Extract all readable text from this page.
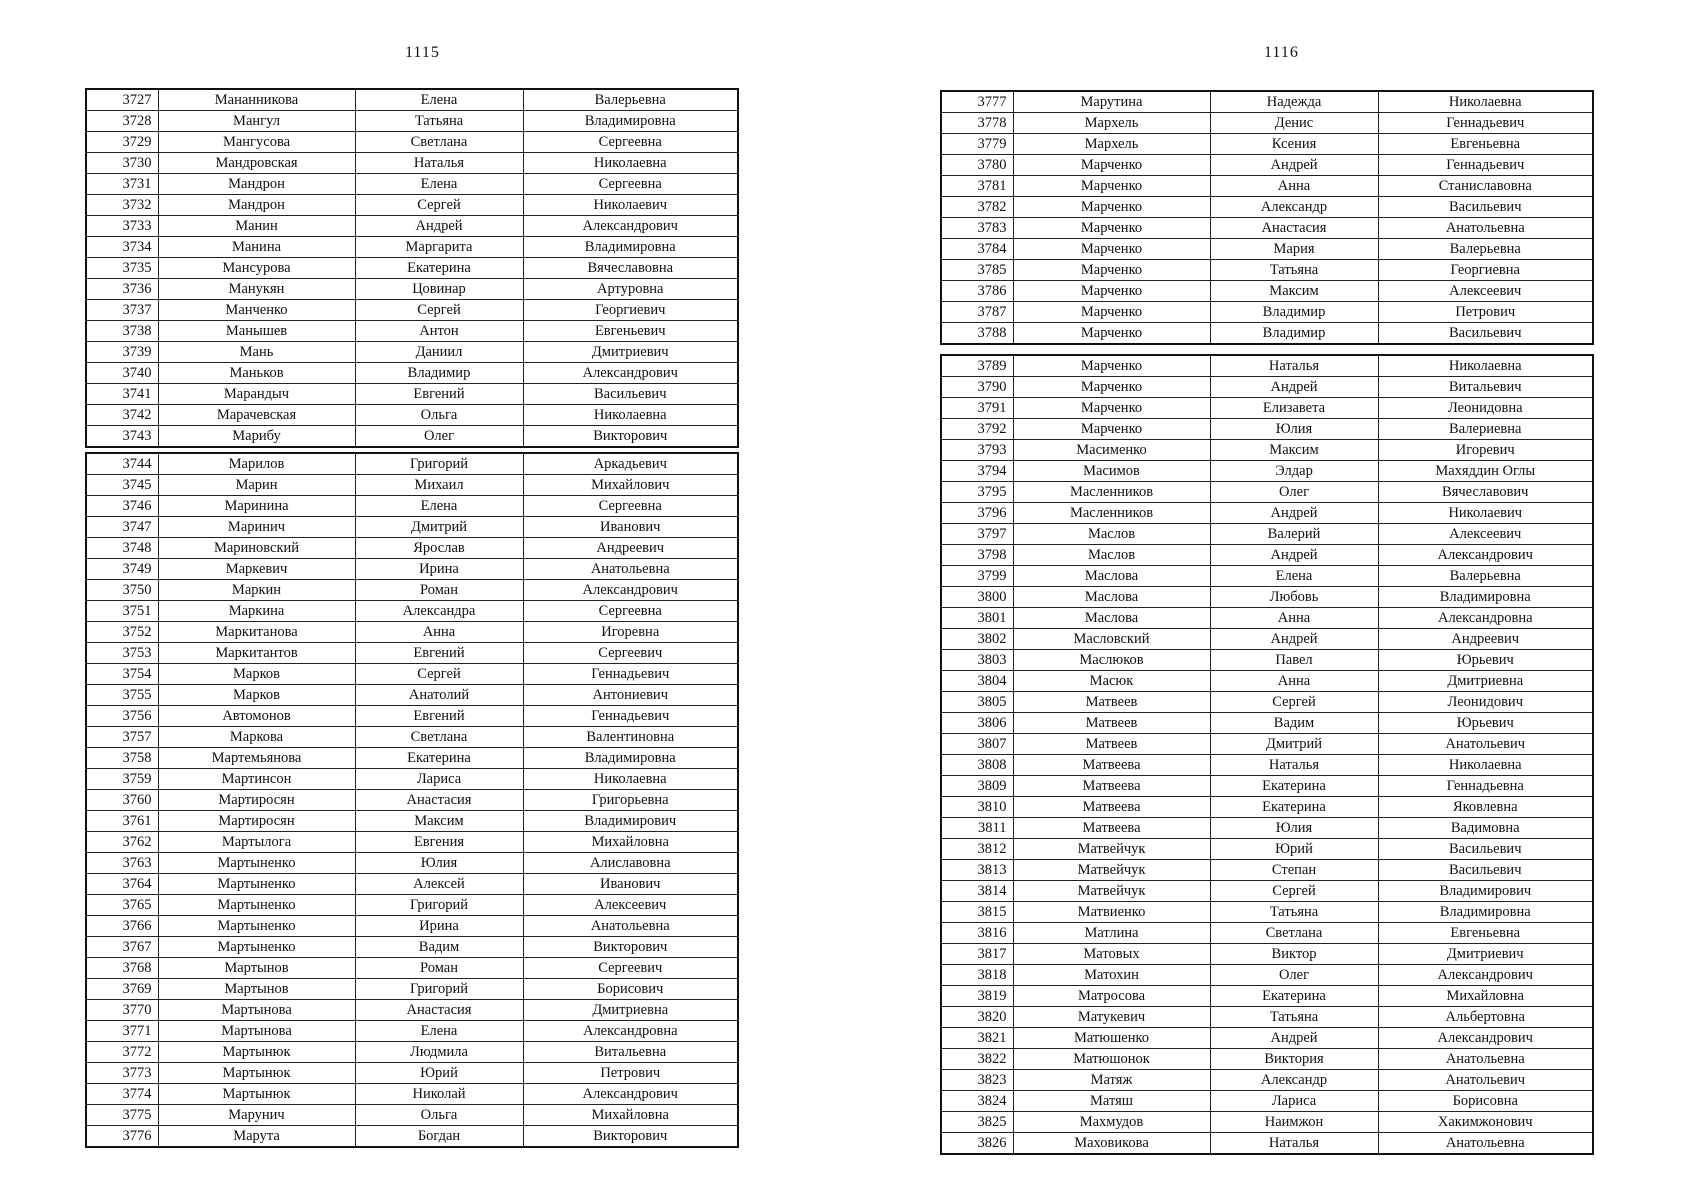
1115
3727	Мананникова	Елена	Валерьевна
3728	Мангул	Татьяна	Владимировна
3729	Мангусова	Светлана	Сергеевна
3730	Мандровская	Наталья	Николаевна
3731	Мандрон	Елена	Сергеевна
3732	Мандрон	Сергей	Николаевич
3733	Манин	Андрей	Александрович
3734	Манина	Маргарита	Владимировна
3735	Мансурова	Екатерина	Вячеславовна
3736	Манукян	Цовинар	Артуровна
3737	Манченко	Сергей	Георгиевич
3738	Манышев	Антон	Евгеньевич
3739	Мань	Даниил	Дмитриевич
3740	Маньков	Владимир	Александрович
3741	Марандыч	Евгений	Васильевич
3742	Марачевская	Ольга	Николаевна
3743	Марибу	Олег	Викторович
3744	Марилов	Григорий	Аркадьевич
3745	Марин	Михаил	Михайлович
3746	Маринина	Елена	Сергеевна
3747	Маринич	Дмитрий	Иванович
3748	Мариновский	Ярослав	Андреевич
3749	Маркевич	Ирина	Анатольевна
3750	Маркин	Роман	Александрович
3751	Маркина	Александра	Сергеевна
3752	Маркитанова	Анна	Игоревна
3753	Маркитантов	Евгений	Сергеевич
3754	Марков	Сергей	Геннадьевич
3755	Марков	Анатолий	Антониевич
3756	Автомонов	Евгений	Геннадьевич
3757	Маркова	Светлана	Валентиновна
3758	Мартемьянова	Екатерина	Владимировна
3759	Мартинсон	Лариса	Николаевна
3760	Мартиросян	Анастасия	Григорьевна
3761	Мартиросян	Максим	Владимирович
3762	Мартылога	Евгения	Михайловна
3763	Мартыненко	Юлия	Алиславовна
3764	Мартыненко	Алексей	Иванович
3765	Мартыненко	Григорий	Алексеевич
3766	Мартыненко	Ирина	Анатольевна
3767	Мартыненко	Вадим	Викторович
3768	Мартынов	Роман	Сергеевич
3769	Мартынов	Григорий	Борисович
3770	Мартынова	Анастасия	Дмитриевна
3771	Мартынова	Елена	Александровна
3772	Мартынюк	Людмила	Витальевна
3773	Мартынюк	Юрий	Петрович
3774	Мартынюк	Николай	Александрович
3775	Марунич	Ольга	Михайловна
3776	Марута	Богдан	Викторович
1116
3777	Марутина	Надежда	Николаевна
3778	Мархель	Денис	Геннадьевич
3779	Мархель	Ксения	Евгеньевна
3780	Марченко	Андрей	Геннадьевич
3781	Марченко	Анна	Станиславовна
3782	Марченко	Александр	Васильевич
3783	Марченко	Анастасия	Анатольевна
3784	Марченко	Мария	Валерьевна
3785	Марченко	Татьяна	Георгиевна
3786	Марченко	Максим	Алексеевич
3787	Марченко	Владимир	Петрович
3788	Марченко	Владимир	Васильевич
3789	Марченко	Наталья	Николаевна
3790	Марченко	Андрей	Витальевич
3791	Марченко	Елизавета	Леонидовна
3792	Марченко	Юлия	Валериевна
3793	Масименко	Максим	Игоревич
3794	Масимов	Элдар	Махяддин Оглы
3795	Масленников	Олег	Вячеславович
3796	Масленников	Андрей	Николаевич
3797	Маслов	Валерий	Алексеевич
3798	Маслов	Андрей	Александрович
3799	Маслова	Елена	Валерьевна
3800	Маслова	Любовь	Владимировна
3801	Маслова	Анна	Александровна
3802	Масловский	Андрей	Андреевич
3803	Маслюков	Павел	Юрьевич
3804	Масюк	Анна	Дмитриевна
3805	Матвеев	Сергей	Леонидович
3806	Матвеев	Вадим	Юрьевич
3807	Матвеев	Дмитрий	Анатольевич
3808	Матвеева	Наталья	Николаевна
3809	Матвеева	Екатерина	Геннадьевна
3810	Матвеева	Екатерина	Яковлевна
3811	Матвеева	Юлия	Вадимовна
3812	Матвейчук	Юрий	Васильевич
3813	Матвейчук	Степан	Васильевич
3814	Матвейчук	Сергей	Владимирович
3815	Матвиенко	Татьяна	Владимировна
3816	Матлина	Светлана	Евгеньевна
3817	Матовых	Виктор	Дмитриевич
3818	Матохин	Олег	Александрович
3819	Матросова	Екатерина	Михайловна
3820	Матукевич	Татьяна	Альбертовна
3821	Матюшенко	Андрей	Александрович
3822	Матюшонок	Виктория	Анатольевна
3823	Матяж	Александр	Анатольевич
3824	Матяш	Лариса	Борисовна
3825	Махмудов	Наимжон	Хакимжонович
3826	Маховикова	Наталья	Анатольевна
